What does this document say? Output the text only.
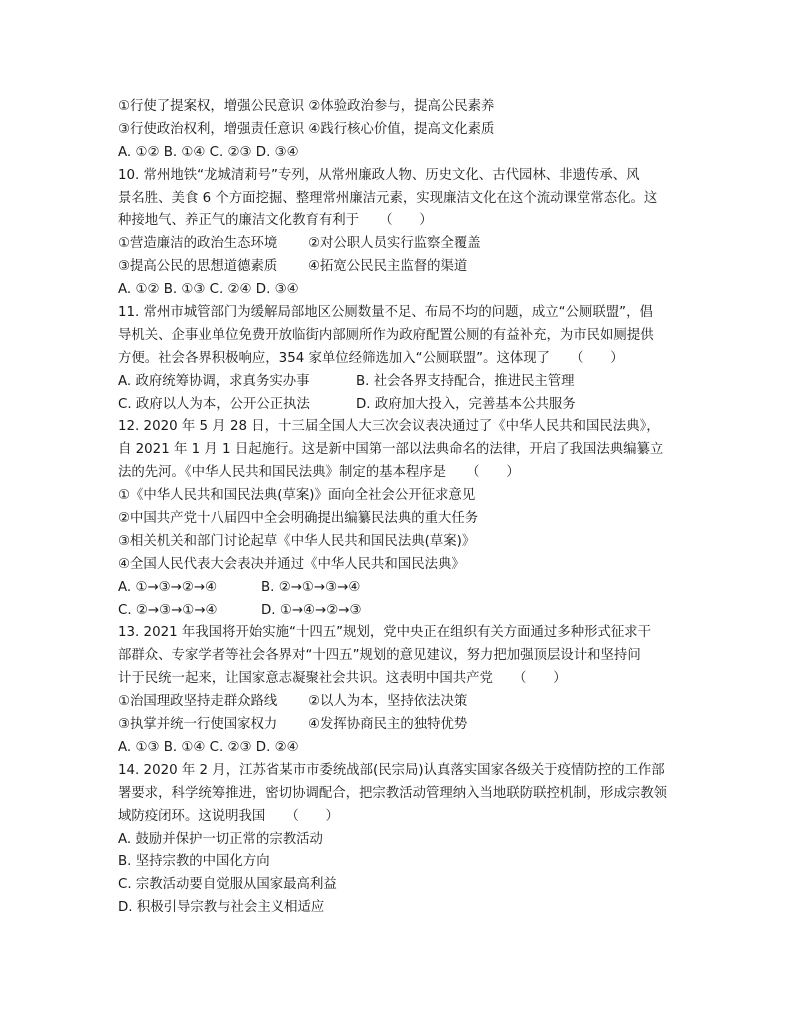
①行使了提案权，增强公民意识 ②体验政治参与，提高公民素养
③行使政治权利，增强责任意识 ④践行核心价值，提高文化素质
A. ①② B. ①④ C. ②③ D. ③④
10. 常州地铁“龙城清莉号”专列，从常州廉政人物、历史文化、古代园林、非遗传承、风
景名胜、美食 6 个方面挖掘、整理常州廉洁元素，实现廉洁文化在这个流动课堂常态化。这
种接地气、养正气的廉洁文化教育有利于　　（　　）
①营造廉洁的政治生态环境	②对公职人员实行监察全覆盖
③提高公民的思想道德素质	④拓宽公民民主监督的渠道
A. ①② B. ①③ C. ②④ D. ③④
11. 常州市城管部门为缓解局部地区公厕数量不足、布局不均的问题，成立“公厕联盟”，倡
导机关、企事业单位免费开放临街内部厕所作为政府配置公厕的有益补充，为市民如厕提供
方便。社会各界积极响应，354 家单位经筛选加入“公厕联盟”。这体现了　　（　　）
A. 政府统筹协调，求真务实办事	B. 社会各界支持配合，推进民主管理
C. 政府以人为本，公开公正执法	D. 政府加大投入，完善基本公共服务
12. 2020 年 5 月 28 日，十三届全国人大三次会议表决通过了《中华人民共和国民法典》，
自 2021 年 1 月 1 日起施行。这是新中国第一部以法典命名的法律，开启了我国法典编纂立
法的先河。《中华人民共和国民法典》制定的基本程序是　　（　　）
①《中华人民共和国民法典(草案)》面向全社会公开征求意见
②中国共产党十八届四中全会明确提出编纂民法典的重大任务
③相关机关和部门讨论起草《中华人民共和国民法典(草案)》
④全国人民代表大会表决并通过《中华人民共和国民法典》
A. ①→③→②→④	B. ②→①→③→④
C. ②→③→①→④	D. ①→④→②→③
13. 2021 年我国将开始实施“十四五”规划，党中央正在组织有关方面通过多种形式征求干
部群众、专家学者等社会各界对“十四五”规划的意见建议，努力把加强顶层设计和坚持问
计于民统一起来，让国家意志凝聚社会共识。这表明中国共产党　　（　　）
①治国理政坚持走群众路线	②以人为本，坚持依法决策
③执掌并统一行使国家权力	④发挥协商民主的独特优势
A. ①③ B. ①④ C. ②③ D. ②④
14. 2020 年 2 月，江苏省某市市委统战部(民宗局)认真落实国家各级关于疫情防控的工作部
署要求，科学统筹推进，密切协调配合，把宗教活动管理纳入当地联防联控机制，形成宗教领
域防疫闭环。这说明我国　　（　　）
A. 鼓励并保护一切正常的宗教活动
B. 坚持宗教的中国化方向
C. 宗教活动要自觉服从国家最高利益
D. 积极引导宗教与社会主义相适应
